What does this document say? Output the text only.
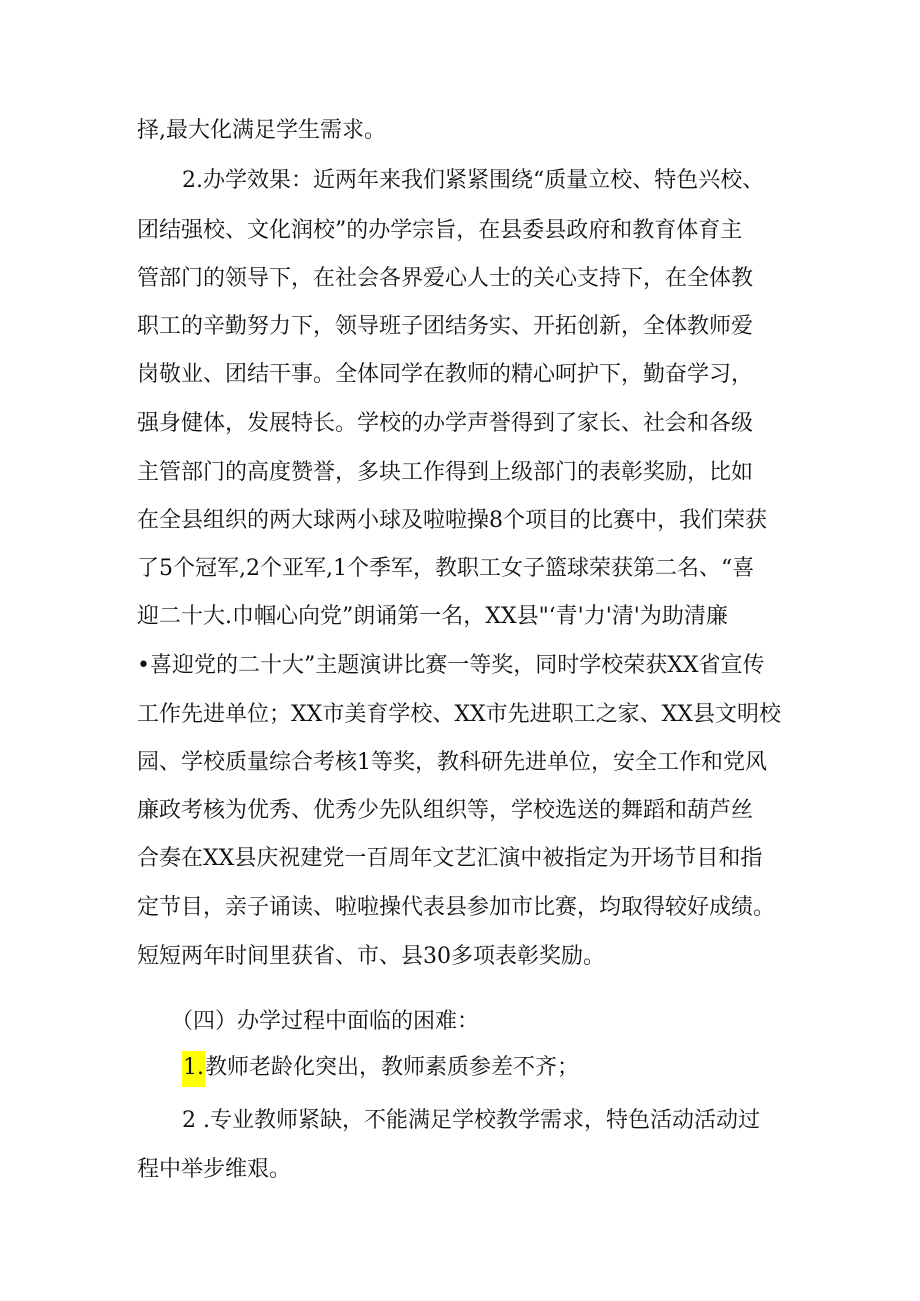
择,最大化满足学生需求。
2.办学效果：近两年来我们紧紧围绕“质量立校、特色兴校、
团结强校、文化润校”的办学宗旨，在县委县政府和教育体育主
管部门的领导下，在社会各界爱心人士的关心支持下，在全体教
职工的辛勤努力下，领导班子团结务实、开拓创新，全体教师爱
岗敬业、团结干事。全体同学在教师的精心呵护下，勤奋学习，
强身健体，发展特长。学校的办学声誉得到了家长、社会和各级
主管部门的高度赞誉，多块工作得到上级部门的表彰奖励，比如
在全县组织的两大球两小球及啦啦操8个项目的比赛中，我们荣获
了5个冠军,2个亚军,1个季军，教职工女子篮球荣获第二名、“喜
迎二十大.巾帼心向党”朗诵第一名，XX县"‘青'力'清'为助清廉
•喜迎党的二十大”主题演讲比赛一等奖，同时学校荣获XX省宣传
工作先进单位；XX市美育学校、XX市先进职工之家、XX县文明校
园、学校质量综合考核1等奖，教科研先进单位，安全工作和党风
廉政考核为优秀、优秀少先队组织等，学校选送的舞蹈和葫芦丝
合奏在XX县庆祝建党一百周年文艺汇演中被指定为开场节目和指
定节目，亲子诵读、啦啦操代表县参加市比赛，均取得较好成绩。
短短两年时间里获省、市、县30多项表彰奖励。
（四）办学过程中面临的困难：
1.教师老龄化突出，教师素质参差不齐；
2 .专业教师紧缺，不能满足学校教学需求，特色活动活动过
程中举步维艰。
